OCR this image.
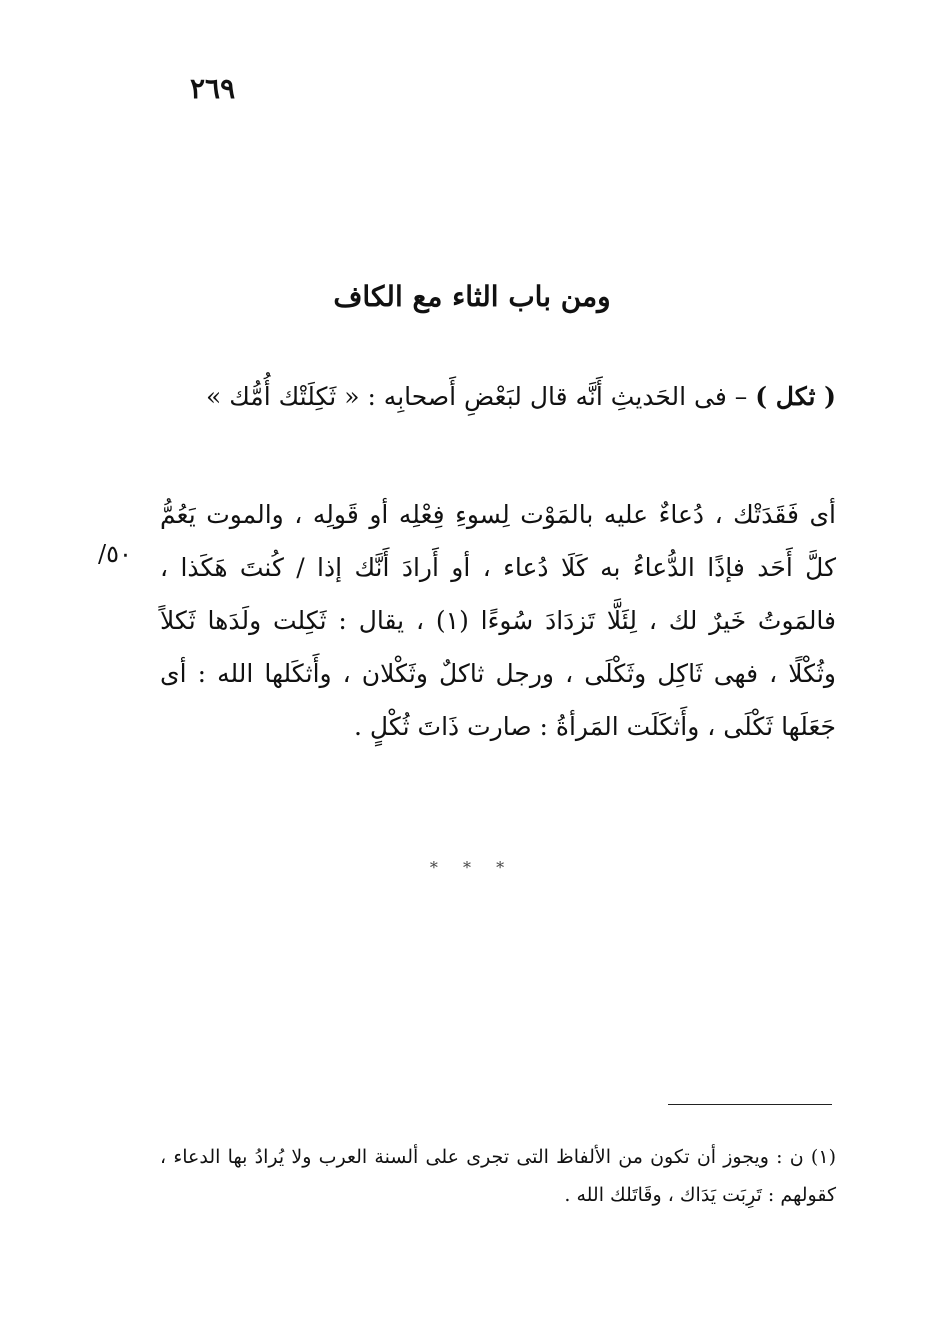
٢٦٩
ومن باب الثاء مع الكاف
( ثكل ) – فى الحَديثِ أَنَّه قال لبَعْضِ أَصحابِه : « ثَكِلَتْك أُمُّك »
أى فَقَدَتْك ، دُعاءٌ عليه بالمَوْت لِسوءِ فِعْلِه أو قَولِه ، والموت يَعُمُّ كلَّ أَحَد فإذًا الدُّعاءُ به كَلَا دُعاء ، أو أَرادَ أَنَّك إذا / كُنتَ هَكَذا ، فالمَوتُ خَيرٌ لك ، لِئَلَّا تَزدَادَ سُوءًا (١) ، يقال : ثَكِلت ولَدَها ثَكلاً وثُكْلًا ، فهى ثَاكِل وثَكْلَى ، ورجل ثاكلٌ وثَكْلان ، وأَثكَلها الله : أى جَعَلَها ثَكْلَى ، وأَثكَلَت المَرأةُ : صارت ذَاتَ ثُكْلٍ .
٥٠/
* * *
(١) ن : ويجوز أن تكون من الألفاظ التى تجرى على ألسنة العرب ولا يُرادُ بها الدعاء ، كقولهم : تَرِبَت يَدَاك ، وقَاتَلك الله .
